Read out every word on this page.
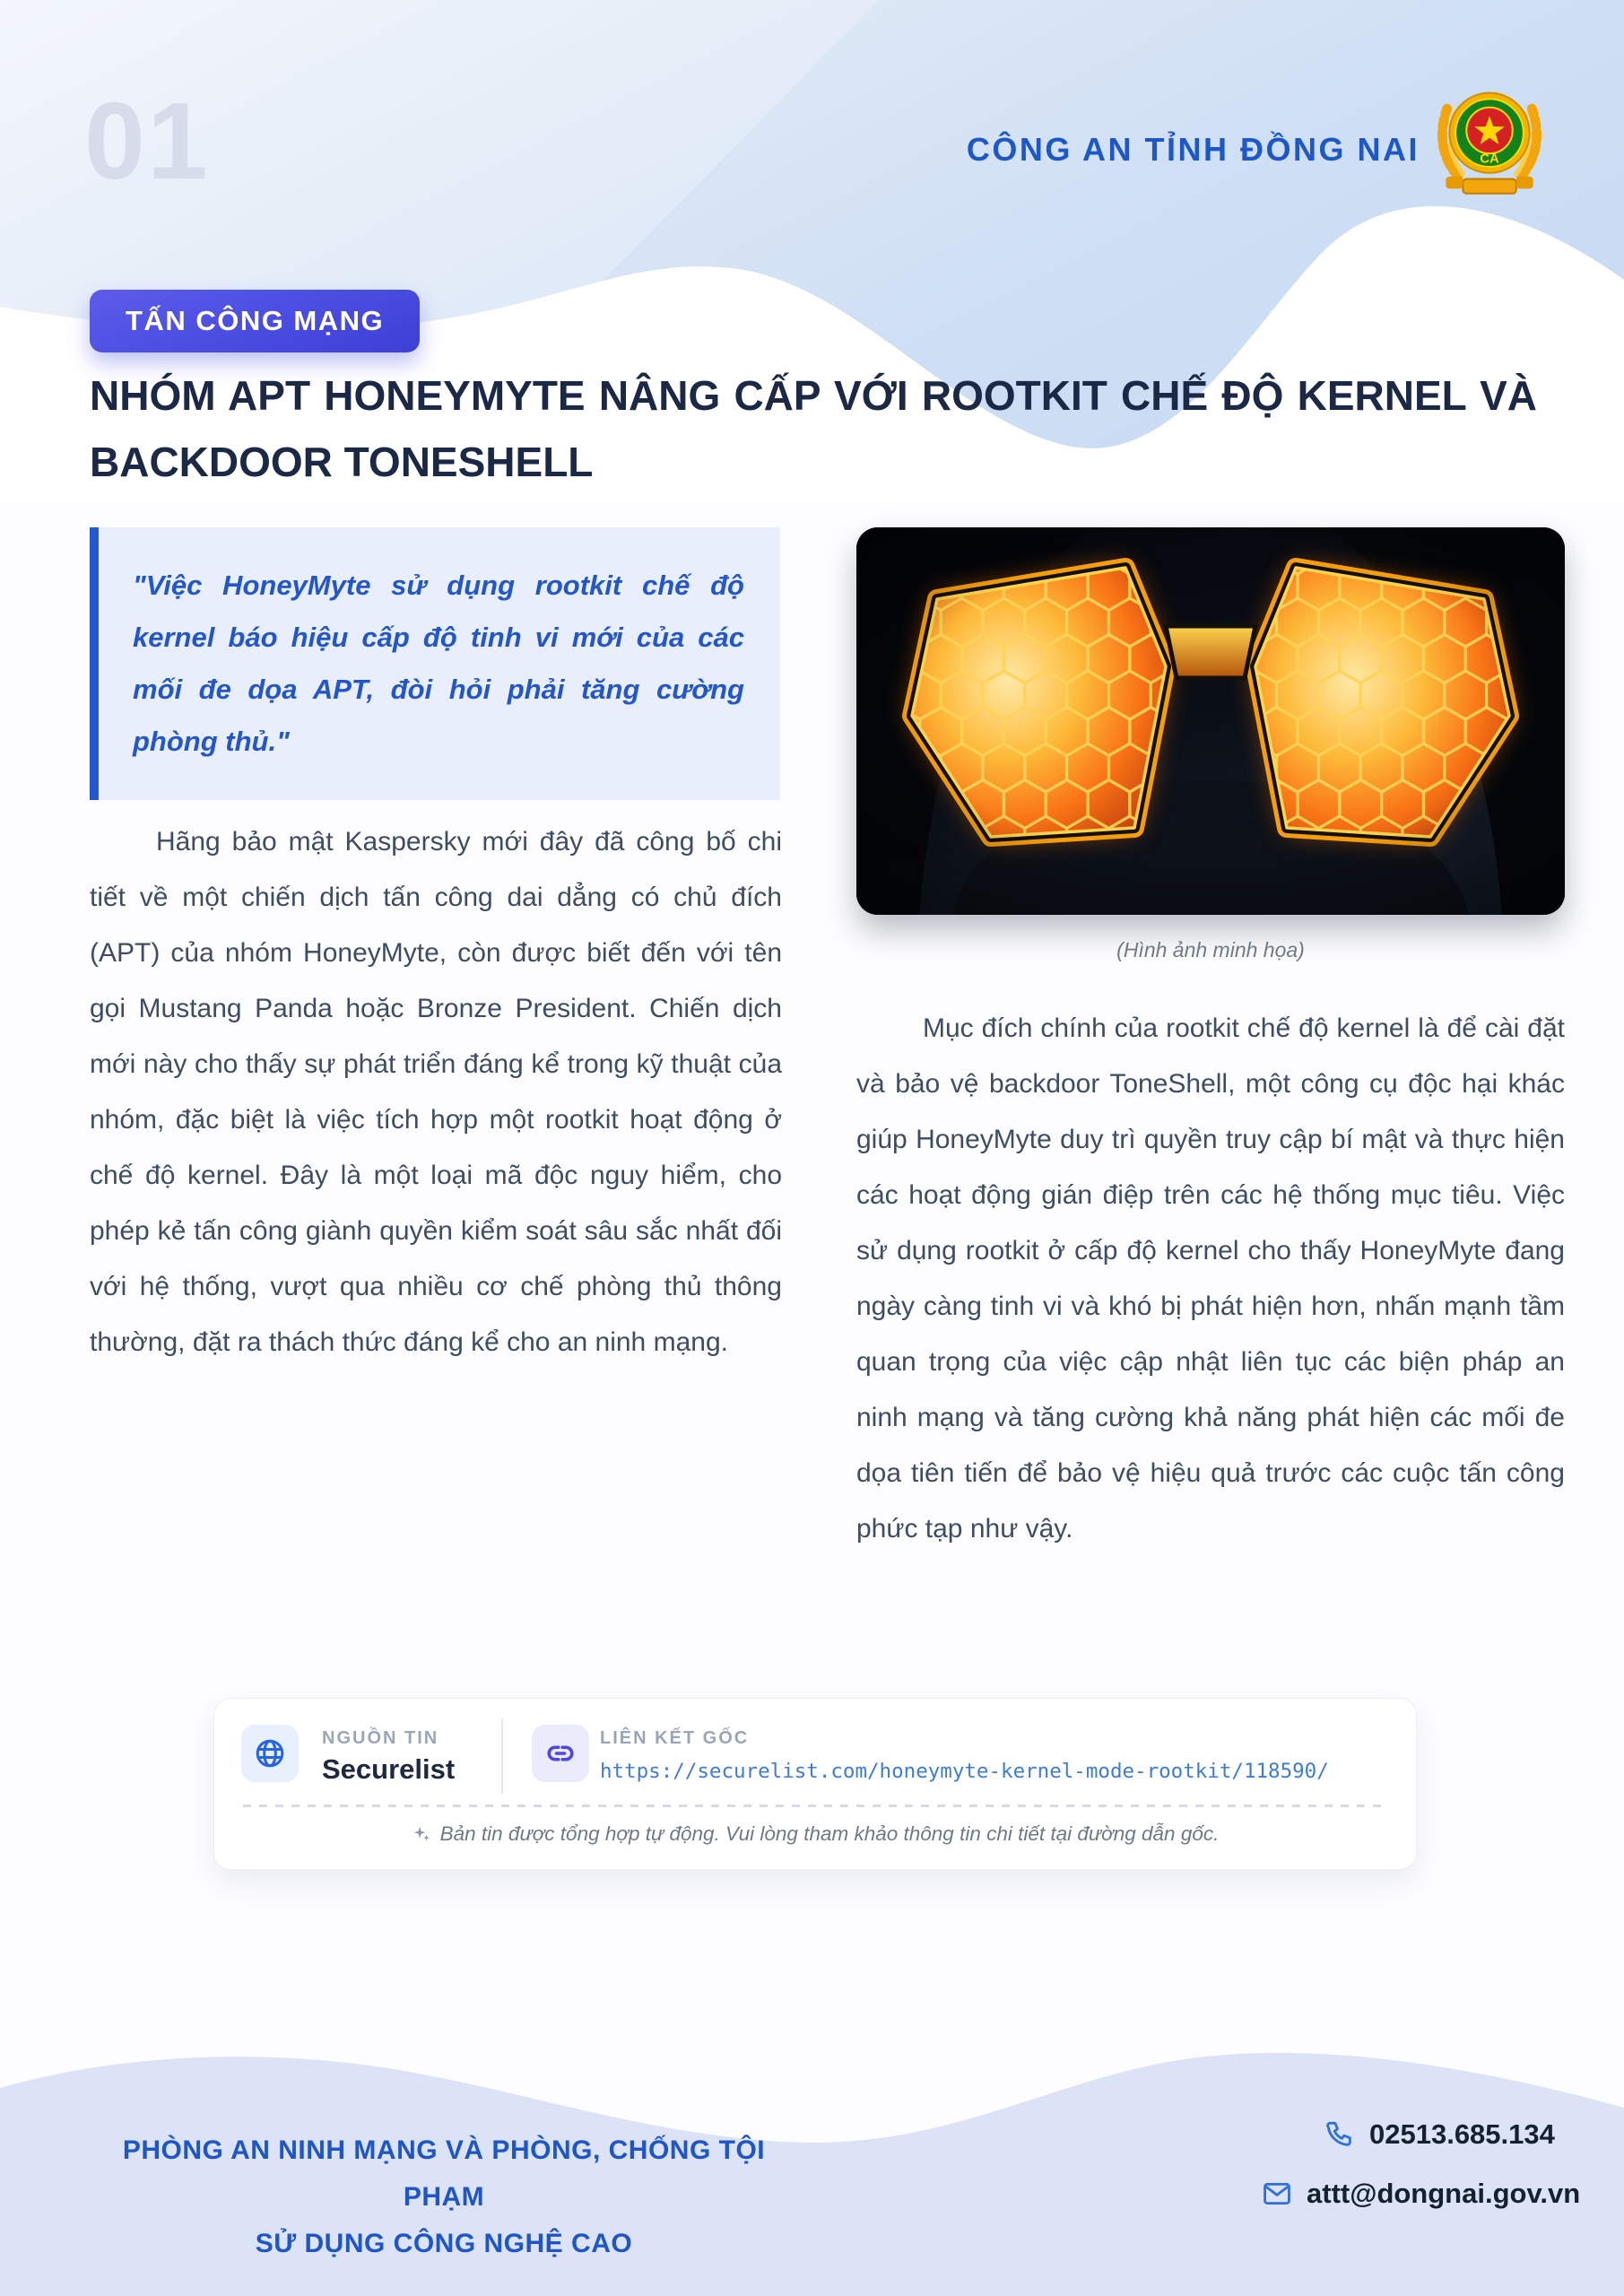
01	CÔNG AN TỈNH ĐỒNG NAI	CA
TẤN CÔNG MẠNG
NHÓM APT HONEYMYTE NÂNG CẤP VỚI ROOTKIT CHẾ ĐỘ KERNEL VÀ BACKDOOR TONESHELL

"Việc HoneyMyte sử dụng rootkit chế độ kernel báo hiệu cấp độ tinh vi mới của các mối đe dọa APT, đòi hỏi phải tăng cường phòng thủ."

Hãng bảo mật Kaspersky mới đây đã công bố chi tiết về một chiến dịch tấn công dai dẳng có chủ đích (APT) của nhóm HoneyMyte, còn được biết đến với tên gọi Mustang Panda hoặc Bronze President. Chiến dịch mới này cho thấy sự phát triển đáng kể trong kỹ thuật của nhóm, đặc biệt là việc tích hợp một rootkit hoạt động ở chế độ kernel. Đây là một loại mã độc nguy hiểm, cho phép kẻ tấn công giành quyền kiểm soát sâu sắc nhất đối với hệ thống, vượt qua nhiều cơ chế phòng thủ thông thường, đặt ra thách thức đáng kể cho an ninh mạng.

(Hình ảnh minh họa)

Mục đích chính của rootkit chế độ kernel là để cài đặt và bảo vệ backdoor ToneShell, một công cụ độc hại khác giúp HoneyMyte duy trì quyền truy cập bí mật và thực hiện các hoạt động gián điệp trên các hệ thống mục tiêu. Việc sử dụng rootkit ở cấp độ kernel cho thấy HoneyMyte đang ngày càng tinh vi và khó bị phát hiện hơn, nhấn mạnh tầm quan trọng của việc cập nhật liên tục các biện pháp an ninh mạng và tăng cường khả năng phát hiện các mối đe dọa tiên tiến để bảo vệ hiệu quả trước các cuộc tấn công phức tạp như vậy.

NGUỒN TIN
Securelist
LIÊN KẾT GỐC
https://securelist.com/honeymyte-kernel-mode-rootkit/118590/
Bản tin được tổng hợp tự động. Vui lòng tham khảo thông tin chi tiết tại đường dẫn gốc.
PHÒNG AN NINH MẠNG VÀ PHÒNG, CHỐNG TỘI PHẠM
SỬ DỤNG CÔNG NGHỆ CAO
02513.685.134
attt@dongnai.gov.vn
